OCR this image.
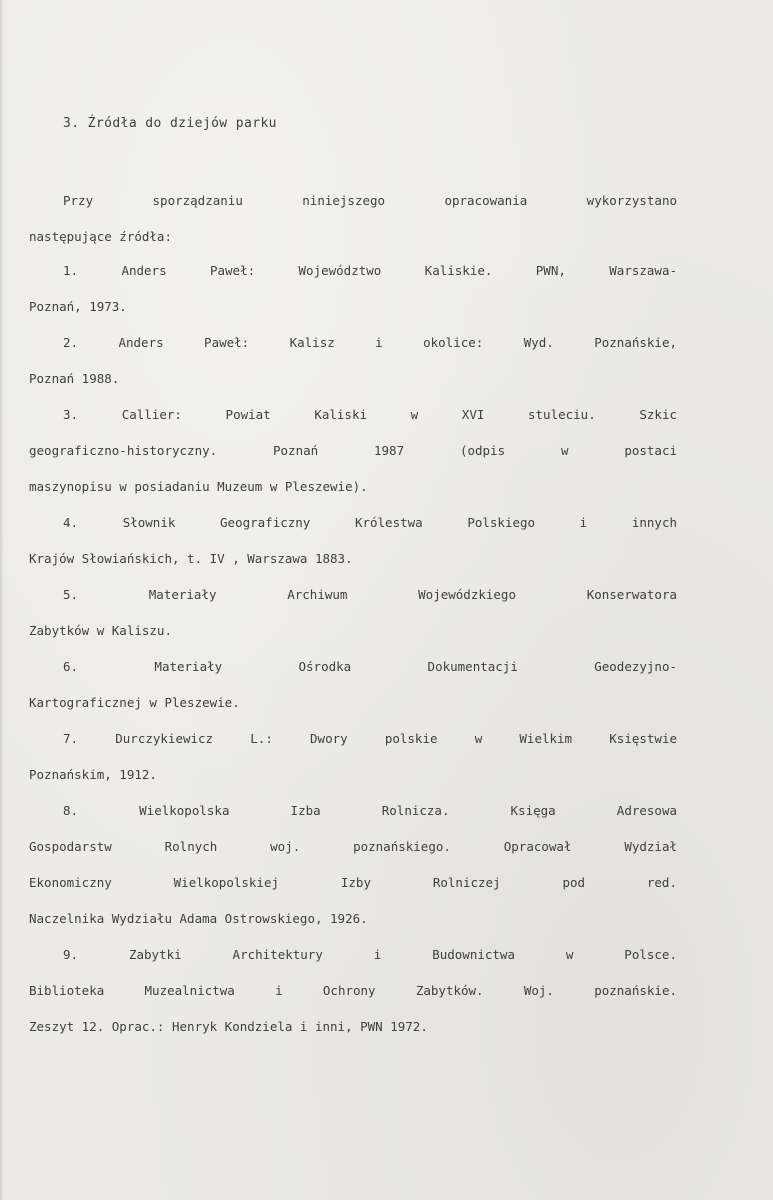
3. Źródła do dziejów parku

Przy sporządzaniu niniejszego opracowania wykorzystano
następujące źródła:

1.	Anders Paweł: Województwo Kaliskie. PWN, Warszawa-
Poznań, 1973.
2.	Anders Paweł: Kalisz i okolice: Wyd. Poznańskie,
Poznań 1988.
3.	Callier: Powiat Kaliski w XVI stuleciu. Szkic
geograficzno-historyczny. Poznań 1987 (odpis w postaci
maszynopisu w posiadaniu Muzeum w Pleszewie).
4.	Słownik Geograficzny Królestwa Polskiego i innych
Krajów Słowiańskich, t. IV , Warszawa 1883.
5.	Materiały Archiwum Wojewódzkiego Konserwatora
Zabytków w Kaliszu.
6.	Materiały Ośrodka Dokumentacji Geodezyjno-
Kartograficznej w Pleszewie.
7.	Durczykiewicz L.: Dwory polskie w Wielkim Księstwie
Poznańskim, 1912.
8.	Wielkopolska Izba Rolnicza. Księga Adresowa
Gospodarstw Rolnych woj. poznańskiego. Opracował Wydział
Ekonomiczny Wielkopolskiej Izby Rolniczej pod red.
Naczelnika Wydziału Adama Ostrowskiego, 1926.
9.	Zabytki Architektury i Budownictwa w Polsce.
Biblioteka Muzealnictwa i Ochrony Zabytków. Woj. poznańskie.
Zeszyt 12. Oprac.: Henryk Kondziela i inni, PWN 1972.
